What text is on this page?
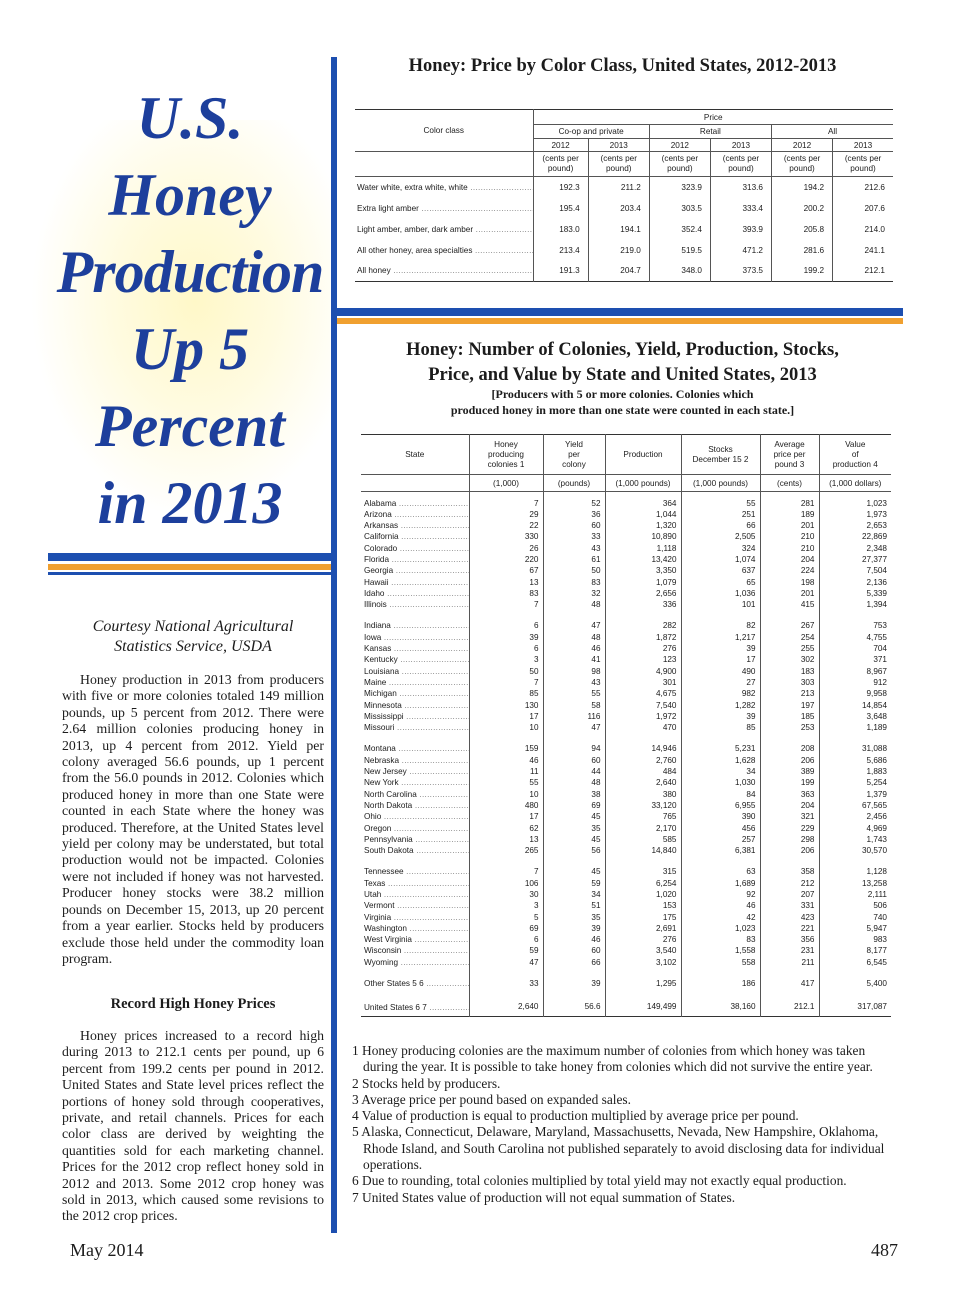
U.S.
Honey
Production
Up 5
Percent
in 2013
Courtesy National Agricultural Statistics Service, USDA

Honey production in 2013 from producers with five or more colonies totaled 149 million pounds, up 5 percent from 2012. There were 2.64 million colonies producing honey in 2013, up 4 percent from 2012. Yield per colony averaged 56.6 pounds, up 1 percent from the 56.0 pounds in 2012. Colonies which produced honey in more than one State were counted in each State where the honey was produced. Therefore, at the United States level yield per colony may be understated, but total production would not be impacted. Colonies were not included if honey was not harvested. Producer honey stocks were 38.2 million pounds on December 15, 2013, up 20 percent from a year earlier. Stocks held by producers exclude those held under the commodity loan program.

Record High Honey Prices

Honey prices increased to a record high during 2013 to 212.1 cents per pound, up 6 percent from 199.2 cents per pound in 2012. United States and State level prices reflect the portions of honey sold through cooperatives, private, and retail channels. Prices for each color class are derived by weighting the quantities sold for each marketing channel. Prices for the 2012 crop reflect honey sold in 2012 and 2013. Some 2012 crop honey was sold in 2013, which caused some revisions to the 2012 crop prices.

Honey: Price by Color Class, United States, 2012-2013
Color class	Price					
	Co-op and private		Retail		All	
	2012	2013	2012	2013	2012	2013
	(cents per
pound)	(cents per
pound)	(cents per
pound)	(cents per
pound)	(cents per
pound)	(cents per
pound)
Water white, extra white, white .....	192.3	211.2	323.9	313.6	194.2	212.6
Extra light amber .....	195.4	203.4	303.5	333.4	200.2	207.6
Light amber, amber, dark amber .....	183.0	194.1	352.4	393.9	205.8	214.0
All other honey, area specialties .....	213.4	219.0	519.5	471.2	281.6	241.1
All honey .....	191.3	204.7	348.0	373.5	199.2	212.1
Honey: Number of Colonies, Yield, Production, Stocks,
Price, and Value by State and United States, 2013
[Producers with 5 or more colonies. Colonies which
produced honey in more than one state were counted in each state.]
State	Honey
producing
colonies 1	Yield
per
colony	Production	Stocks
December 15 2	Average
price per
pound 3	Value
of
production 4
	(1,000)	(pounds)	(1,000 pounds)	(1,000 pounds)	(cents)	(1,000 dollars)

Alabama .....	7	52	364	55	281	1,023
Arizona .....	29	36	1,044	251	189	1,973
Arkansas .....	22	60	1,320	66	201	2,653
California .....	330	33	10,890	2,505	210	22,869
Colorado .....	26	43	1,118	324	210	2,348
Florida .....	220	61	13,420	1,074	204	27,377
Georgia .....	67	50	3,350	637	224	7,504
Hawaii .....	13	83	1,079	65	198	2,136
Idaho .....	83	32	2,656	1,036	201	5,339
Illinois .....	7	48	336	101	415	1,394

Indiana .....	6	47	282	82	267	753
Iowa .....	39	48	1,872	1,217	254	4,755
Kansas .....	6	46	276	39	255	704
Kentucky .....	3	41	123	17	302	371
Louisiana .....	50	98	4,900	490	183	8,967
Maine .....	7	43	301	27	303	912
Michigan .....	85	55	4,675	982	213	9,958
Minnesota .....	130	58	7,540	1,282	197	14,854
Mississippi .....	17	116	1,972	39	185	3,648
Missouri .....	10	47	470	85	253	1,189

Montana .....	159	94	14,946	5,231	208	31,088
Nebraska .....	46	60	2,760	1,628	206	5,686
New Jersey .....	11	44	484	34	389	1,883
New York .....	55	48	2,640	1,030	199	5,254
North Carolina .....	10	38	380	84	363	1,379
North Dakota .....	480	69	33,120	6,955	204	67,565
Ohio .....	17	45	765	390	321	2,456
Oregon .....	62	35	2,170	456	229	4,969
Pennsylvania .....	13	45	585	257	298	1,743
South Dakota .....	265	56	14,840	6,381	206	30,570

Tennessee .....	7	45	315	63	358	1,128
Texas .....	106	59	6,254	1,689	212	13,258
Utah .....	30	34	1,020	92	207	2,111
Vermont .....	3	51	153	46	331	506
Virginia .....	5	35	175	42	423	740
Washington .....	69	39	2,691	1,023	221	5,947
West Virginia .....	6	46	276	83	356	983
Wisconsin .....	59	60	3,540	1,558	231	8,177
Wyoming .....	47	66	3,102	558	211	6,545

Other States 5 6 .....	33	39	1,295	186	417	5,400

United States 6 7 .....	2,640	56.6	149,499	38,160	212.1	317,087
1 Honey producing colonies are the maximum number of colonies from which honey was taken during the year. It is possible to take honey from colonies which did not survive the entire year.
2 Stocks held by producers.
3 Average price per pound based on expanded sales.
4 Value of production is equal to production multiplied by average price per pound.
5 Alaska, Connecticut, Delaware, Maryland, Massachusetts, Nevada, New Hampshire, Oklahoma, Rhode Island, and South Carolina not published separately to avoid disclosing data for individual operations.
6 Due to rounding, total colonies multiplied by total yield may not exactly equal production.
7 United States value of production will not equal summation of States.
May 2014	487
